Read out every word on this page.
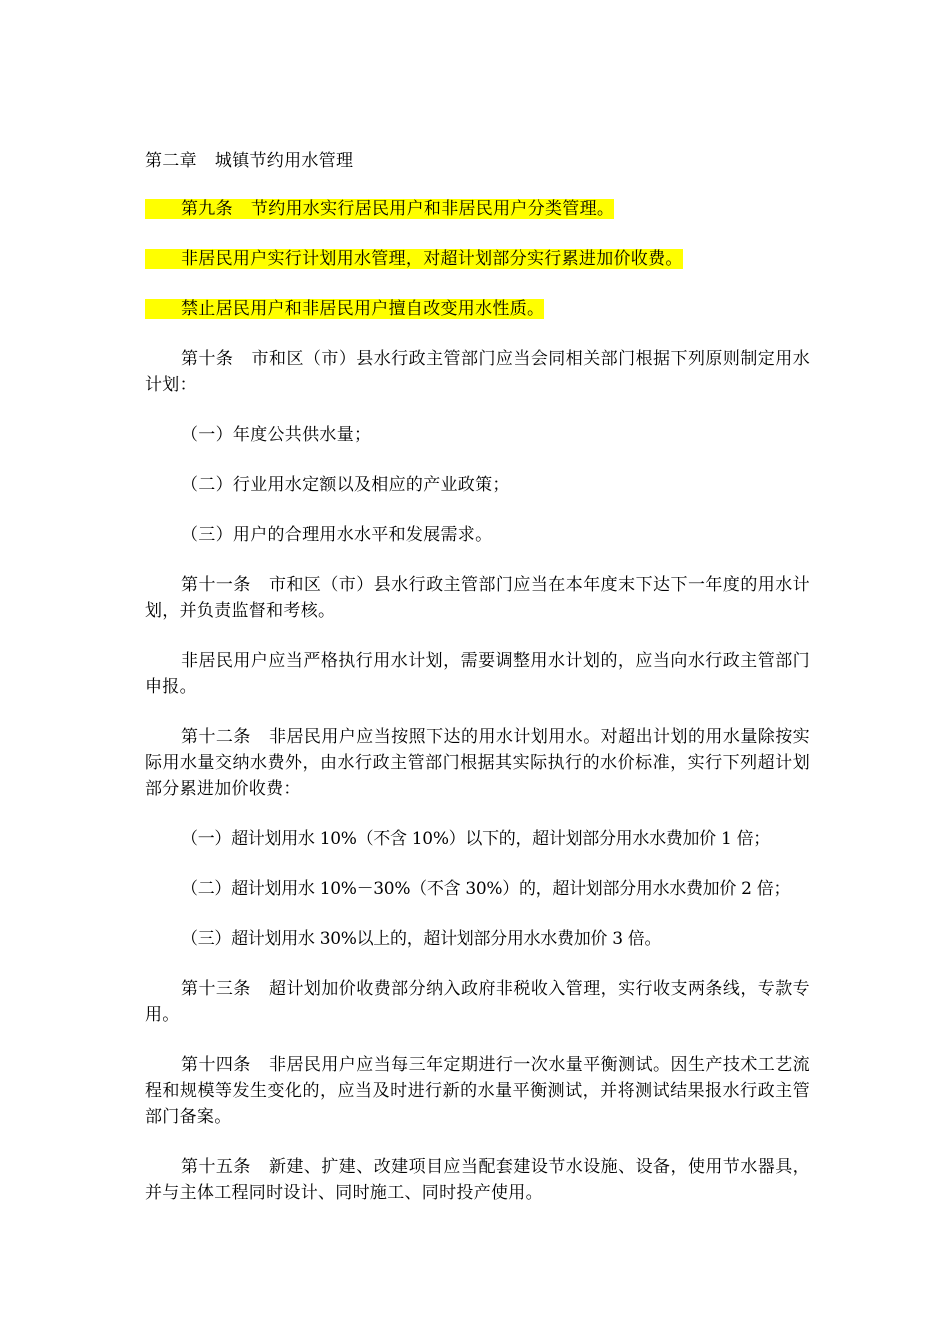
第二章 城镇节约用水管理

第九条 节约用水实行居民用户和非居民用户分类管理。

非居民用户实行计划用水管理，对超计划部分实行累进加价收费。

禁止居民用户和非居民用户擅自改变用水性质。

第十条 市和区（市）县水行政主管部门应当会同相关部门根据下列原则制定用水计划：

（一）年度公共供水量；

（二）行业用水定额以及相应的产业政策；

（三）用户的合理用水水平和发展需求。

第十一条 市和区（市）县水行政主管部门应当在本年度末下达下一年度的用水计划，并负责监督和考核。

非居民用户应当严格执行用水计划，需要调整用水计划的，应当向水行政主管部门申报。

第十二条 非居民用户应当按照下达的用水计划用水。对超出计划的用水量除按实际用水量交纳水费外，由水行政主管部门根据其实际执行的水价标准，实行下列超计划部分累进加价收费：

（一）超计划用水 10%（不含 10%）以下的，超计划部分用水水费加价 1 倍；

（二）超计划用水 10%－30%（不含 30%）的，超计划部分用水水费加价 2 倍；

（三）超计划用水 30%以上的，超计划部分用水水费加价 3 倍。

第十三条 超计划加价收费部分纳入政府非税收入管理，实行收支两条线，专款专用。

第十四条 非居民用户应当每三年定期进行一次水量平衡测试。因生产技术工艺流程和规模等发生变化的，应当及时进行新的水量平衡测试，并将测试结果报水行政主管部门备案。

第十五条 新建、扩建、改建项目应当配套建设节水设施、设备，使用节水器具，并与主体工程同时设计、同时施工、同时投产使用。
